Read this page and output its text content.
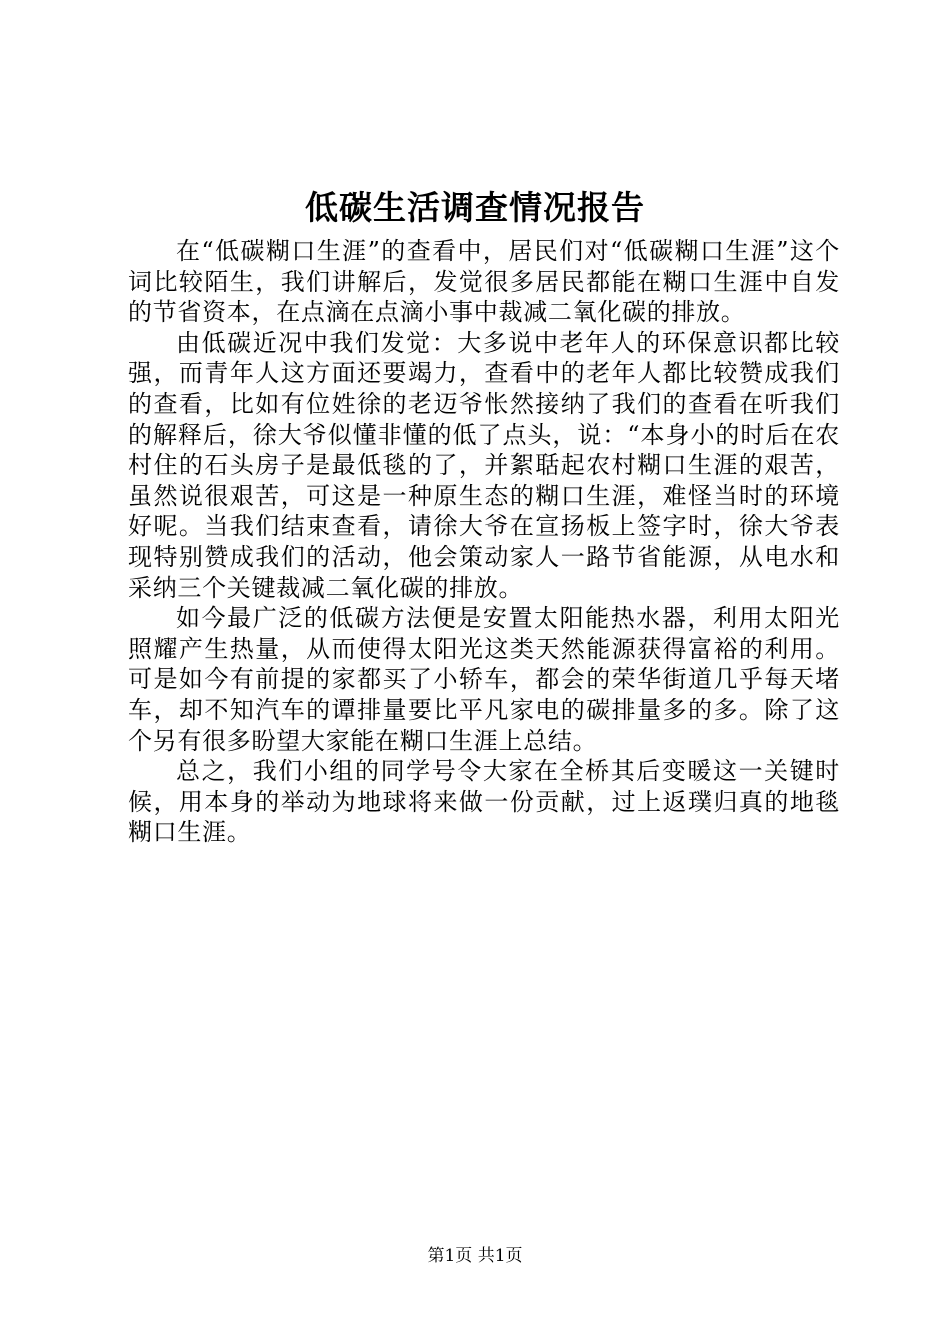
低碳生活调查情况报告

在“低碳糊口生涯”的查看中，居民们对“低碳糊口生涯”这个词比较陌生，我们讲解后，发觉很多居民都能在糊口生涯中自发的节省资本，在点滴在点滴小事中裁减二氧化碳的排放。

由低碳近况中我们发觉：大多说中老年人的环保意识都比较强，而青年人这方面还要竭力，查看中的老年人都比较赞成我们的查看，比如有位姓徐的老迈爷怅然接纳了我们的查看在听我们的解释后，徐大爷似懂非懂的低了点头，说：“本身小的时后在农村住的石头房子是最低毯的了，并絮聒起农村糊口生涯的艰苦，虽然说很艰苦，可这是一种原生态的糊口生涯，难怪当时的环境好呢。当我们结束查看，请徐大爷在宣扬板上签字时，徐大爷表现特别赞成我们的活动，他会策动家人一路节省能源，从电水和采纳三个关键裁减二氧化碳的排放。

如今最广泛的低碳方法便是安置太阳能热水器，利用太阳光照耀产生热量，从而使得太阳光这类天然能源获得富裕的利用。可是如今有前提的家都买了小轿车，都会的荣华街道几乎每天堵车，却不知汽车的谭排量要比平凡家电的碳排量多的多。除了这个另有很多盼望大家能在糊口生涯上总结。

总之，我们小组的同学号令大家在全桥其后变暖这一关键时候，用本身的举动为地球将来做一份贡献，过上返璞归真的地毯糊口生涯。

第1页 共1页
